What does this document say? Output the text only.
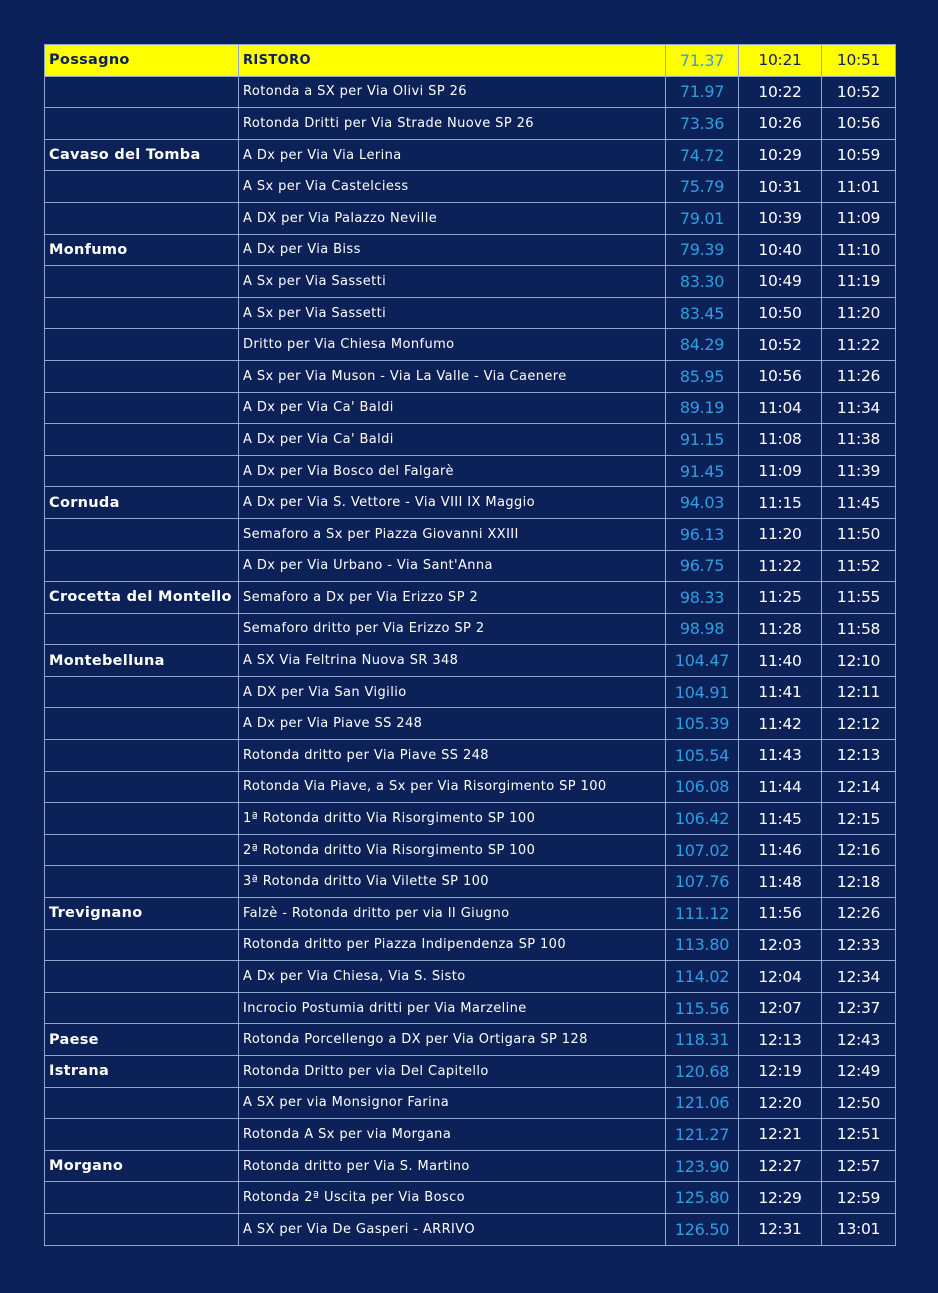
Possagno	RISTORO	71.37	10:21	10:51
	Rotonda a SX per Via Olivi SP 26	71.97	10:22	10:52
	Rotonda Dritti per Via Strade Nuove SP 26	73.36	10:26	10:56
Cavaso del Tomba	A Dx per Via Via Lerina	74.72	10:29	10:59
	A Sx per Via Castelciess	75.79	10:31	11:01
	A DX per Via Palazzo Neville	79.01	10:39	11:09
Monfumo	A Dx per Via Biss	79.39	10:40	11:10
	A Sx per Via Sassetti	83.30	10:49	11:19
	A Sx per Via Sassetti	83.45	10:50	11:20
	Dritto per Via Chiesa Monfumo	84.29	10:52	11:22
	A Sx per Via Muson - Via La Valle - Via Caenere	85.95	10:56	11:26
	A Dx per Via Ca' Baldi	89.19	11:04	11:34
	A Dx per Via Ca' Baldi	91.15	11:08	11:38
	A Dx per Via Bosco del Falgarè	91.45	11:09	11:39
Cornuda	A Dx per Via S. Vettore - Via VIII IX Maggio	94.03	11:15	11:45
	Semaforo a Sx per Piazza Giovanni XXIII	96.13	11:20	11:50
	A Dx per Via Urbano - Via Sant'Anna	96.75	11:22	11:52
Crocetta del Montello	Semaforo a Dx per Via Erizzo SP 2	98.33	11:25	11:55
	Semaforo dritto per Via Erizzo SP 2	98.98	11:28	11:58
Montebelluna	A SX Via Feltrina Nuova SR 348	104.47	11:40	12:10
	A DX per Via San Vigilio	104.91	11:41	12:11
	A Dx per Via Piave SS 248	105.39	11:42	12:12
	Rotonda dritto per Via Piave SS 248	105.54	11:43	12:13
	Rotonda Via Piave, a Sx per Via Risorgimento SP 100	106.08	11:44	12:14
	1ª Rotonda dritto Via Risorgimento SP 100	106.42	11:45	12:15
	2ª Rotonda dritto Via Risorgimento SP 100	107.02	11:46	12:16
	3ª Rotonda dritto Via Vilette SP 100	107.76	11:48	12:18
Trevignano	Falzè - Rotonda dritto per via II Giugno	111.12	11:56	12:26
	Rotonda dritto per Piazza Indipendenza SP 100	113.80	12:03	12:33
	A Dx per Via Chiesa, Via S. Sisto	114.02	12:04	12:34
	Incrocio Postumia dritti per Via Marzeline	115.56	12:07	12:37
Paese	Rotonda Porcellengo a DX per Via Ortigara SP 128	118.31	12:13	12:43
Istrana	Rotonda Dritto per via Del Capitello	120.68	12:19	12:49
	A SX per via Monsignor Farina	121.06	12:20	12:50
	Rotonda A Sx per via Morgana	121.27	12:21	12:51
Morgano	Rotonda dritto per Via S. Martino	123.90	12:27	12:57
	Rotonda 2ª Uscita per Via Bosco	125.80	12:29	12:59
	A SX per Via De Gasperi - ARRIVO	126.50	12:31	13:01
